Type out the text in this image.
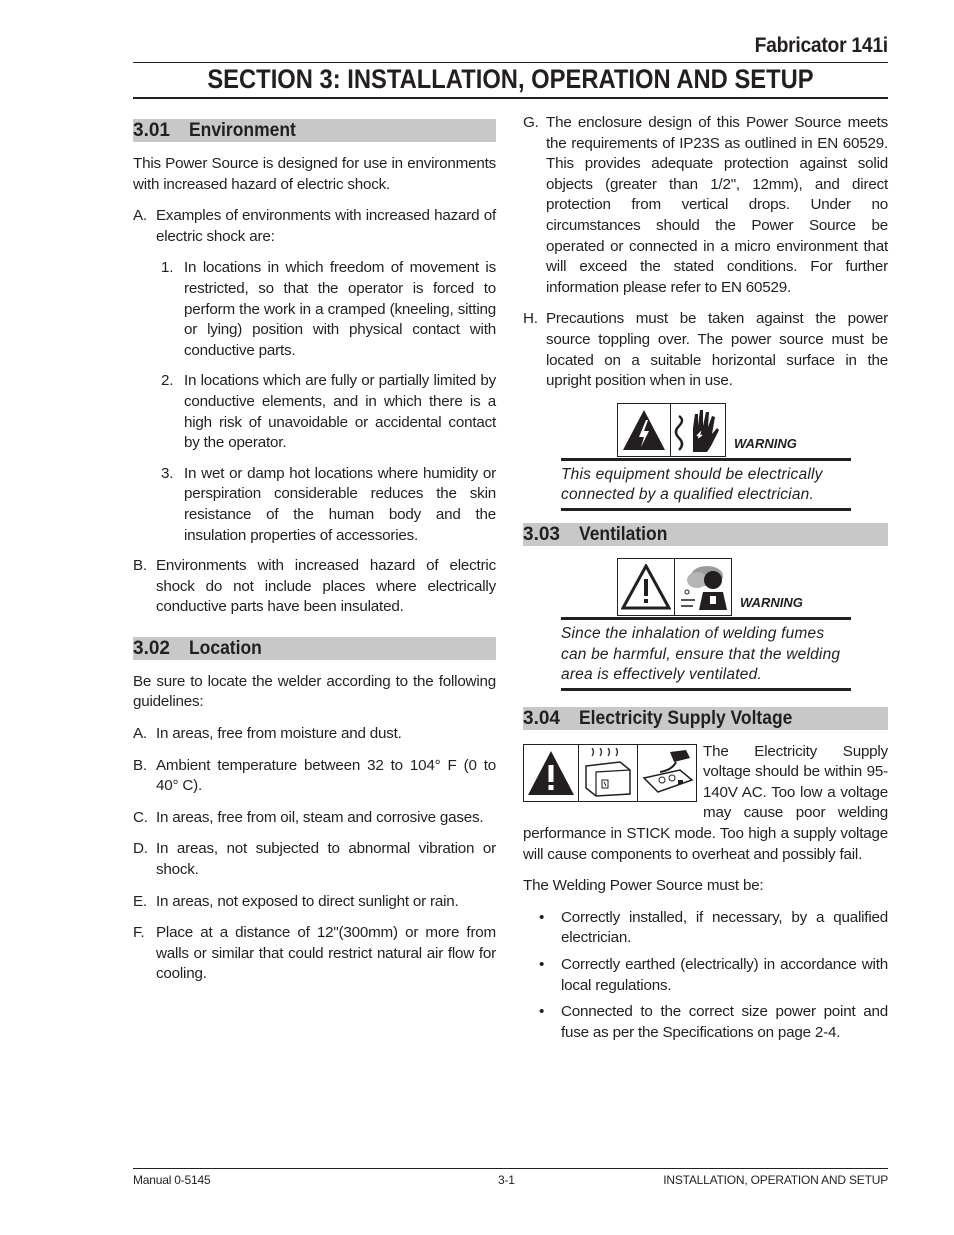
Fabricator 141i
SECTION 3: INSTALLATION, OPERATION AND SETUP
3.01 Environment
This Power Source is designed for use in environments with increased hazard of electric shock.
A. Examples of environments with increased hazard of electric shock are:
1. In locations in which freedom of movement is restricted, so that the operator is forced to perform the work in a cramped (kneeling, sitting or lying) position with physical contact with conductive parts.
2. In locations which are fully or partially limited by conductive elements, and in which there is a high risk of unavoidable or accidental contact by the operator.
3. In wet or damp hot locations where humidity or perspiration considerable reduces the skin resistance of the human body and the insulation properties of accessories.
B. Environments with increased hazard of electric shock do not include places where electrically conductive parts have been insulated.
3.02 Location
Be sure to locate the welder according to the following guidelines:
A. In areas, free from moisture and dust.
B. Ambient temperature between 32 to 104° F (0 to 40° C).
C. In areas, free from oil, steam and corrosive gases.
D. In areas, not subjected to abnormal vibration or shock.
E. In areas, not exposed to direct sunlight or rain.
F. Place at a distance of 12"(300mm) or more from walls or similar that could restrict natural air flow for cooling.
G. The enclosure design of this Power Source meets the requirements of IP23S as outlined in EN 60529. This provides adequate protection against solid objects (greater than 1/2", 12mm), and direct protection from vertical drops. Under no circumstances should the Power Source be operated or connected in a micro environment that will exceed the stated conditions. For further information please refer to EN 60529.
H. Precautions must be taken against the power source toppling over. The power source must be located on a suitable horizontal surface in the upright position when in use.
WARNING
This equipment should be electrically connected by a qualified electrician.
3.03 Ventilation
WARNING
Since the inhalation of welding fumes can be harmful, ensure that the welding area is effectively ventilated.
3.04 Electricity Supply Voltage
The Electricity Supply voltage should be within 95-140V AC. Too low a voltage may cause poor welding performance in STICK mode. Too high a supply voltage will cause components to overheat and possibly fail.
The Welding Power Source must be:
•	Correctly installed, if necessary, by a qualified electrician.
•	Correctly earthed (electrically) in accordance with local regulations.
•	Connected to the correct size power point and fuse as per the Specifications on page 2-4.
Manual 0-5145	3-1	INSTALLATION, OPERATION AND SETUP
